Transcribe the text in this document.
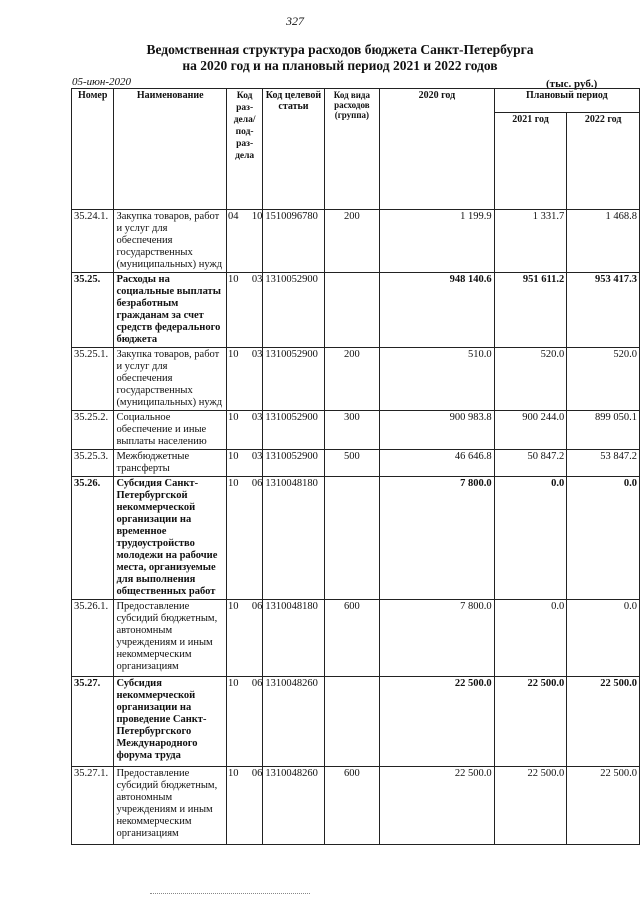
327
Ведомственная структура расходов бюджета Санкт-Петербурга
на 2020 год и на плановый период 2021 и 2022 годов
05-июн-2020	(тыс. руб.)
Номер	Наименование	Код раз-дела/под-раз-дела	Код целевой статьи	Код вида расходов (группа)	2020 год	Плановый период	
						2021 год	2022 год
35.24.1.	Закупка товаров, работ и услуг для обеспечения государственных (муниципальных) нужд	04 10	1510096780	200	1 199.9	1 331.7	1 468.8
35.25.	Расходы на социальные выплаты безработным гражданам за счет средств федерального бюджета	10 03	1310052900		948 140.6	951 611.2	953 417.3
35.25.1.	Закупка товаров, работ и услуг для обеспечения государственных (муниципальных) нужд	10 03	1310052900	200	510.0	520.0	520.0
35.25.2.	Социальное обеспечение и иные выплаты населению	10 03	1310052900	300	900 983.8	900 244.0	899 050.1
35.25.3.	Межбюджетные трансферты	10 03	1310052900	500	46 646.8	50 847.2	53 847.2
35.26.	Субсидия Санкт-Петербургской некоммерческой организации на временное трудоустройство молодежи на рабочие места, организуемые для выполнения общественных работ	10 06	1310048180		7 800.0	0.0	0.0
35.26.1.	Предоставление субсидий бюджетным, автономным учреждениям и иным некоммерческим организациям	10 06	1310048180	600	7 800.0	0.0	0.0
35.27.	Субсидия некоммерческой организации на проведение Санкт-Петербургского Международного форума труда	10 06	1310048260		22 500.0	22 500.0	22 500.0
35.27.1.	Предоставление субсидий бюджетным, автономным учреждениям и иным некоммерческим организациям	10 06	1310048260	600	22 500.0	22 500.0	22 500.0
